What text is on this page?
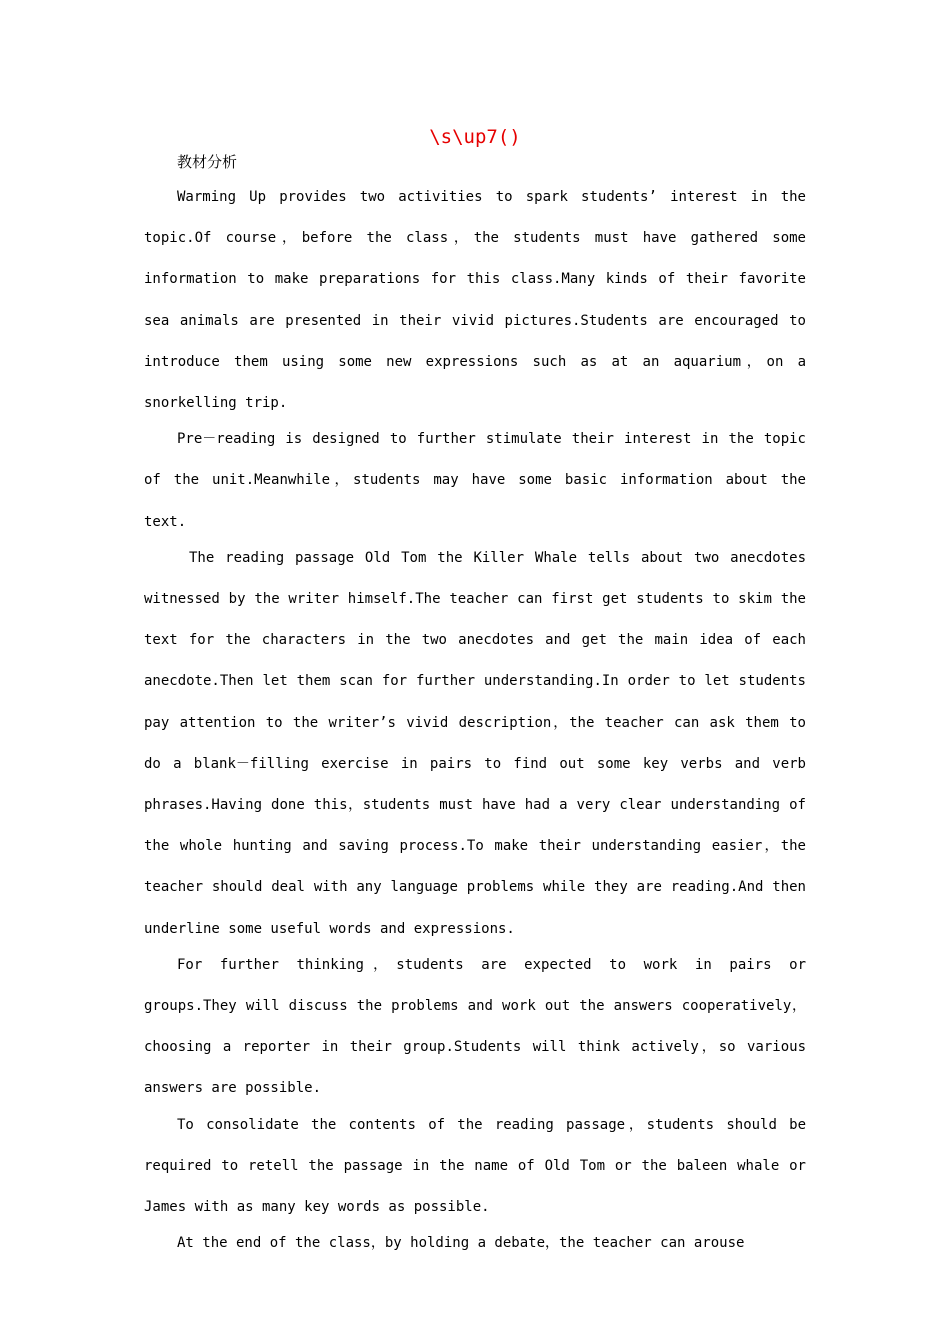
\s\up7()
教材分析

Warming Up provides two activities to spark students’ interest in the topic.Of course，before the class，the students must have gathered some information to make preparations for this class.Many kinds of their favorite sea animals are presented in their vivid pictures.Students are encouraged to introduce them using some new expressions such as at an aquarium，on a snorkelling trip.

Pre－reading is designed to further stimulate their interest in the topic of the unit.Meanwhile，students may have some basic information about the text.

The reading passage Old Tom the Killer Whale tells about two anecdotes witnessed by the writer himself.The teacher can first get students to skim the text for the characters in the two anecdotes and get the main idea of each anecdote.Then let them scan for further understanding.In order to let students pay attention to the writer’s vivid description，the teacher can ask them to do a blank－filling exercise in pairs to find out some key verbs and verb phrases.Having done this，students must have had a very clear understanding of the whole hunting and saving process.To make their understanding easier，the teacher should deal with any language problems while they are reading.And then underline some useful words and expressions.

For further thinking，students are expected to work in pairs or groups.They will discuss the problems and work out the answers cooperatively，choosing a reporter in their group.Students will think actively，so various answers are possible.

To consolidate the contents of the reading passage，students should be required to retell the passage in the name of Old Tom or the baleen whale or James with as many key words as possible.

At the end of the class，by holding a debate，the teacher can arouse
